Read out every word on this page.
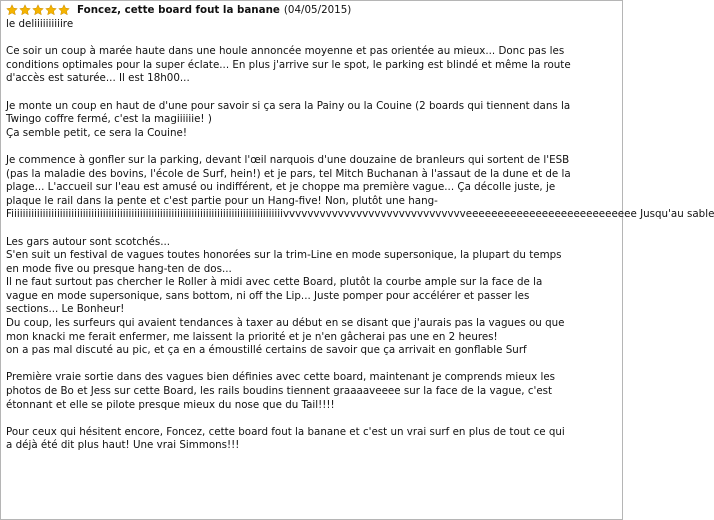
Foncez, cette board fout la banane (04/05/2015)
le deliiiiiiiiiire
Ce soir un coup à marée haute dans une houle annoncée moyenne et pas orientée au mieux... Donc pas les
conditions optimales pour la super éclate... En plus j'arrive sur le spot, le parking est blindé et même la route
d'accès est saturée... Il est 18h00...
Je monte un coup en haut de d'une pour savoir si ça sera la Painy ou la Couine (2 boards qui tiennent dans la
Twingo coffre fermé, c'est la magiiiiiie! )
Ça semble petit, ce sera la Couine!
Je commence à gonfler sur la parking, devant l'œil narquois d'une douzaine de branleurs qui sortent de l'ESB
(pas la maladie des bovins, l'école de Surf, hein!) et je pars, tel Mitch Buchanan à l'assaut de la dune et de la
plage... L'accueil sur l'eau est amusé ou indifférent, et je choppe ma première vague... Ça décolle juste, je
plaque le rail dans la pente et c'est partie pour un Hang-five! Non, plutôt une hang-
Fiiiiiiiiiiiiiiiiiiiiiiiiiiiiiiiiiiiiiiiiiiiiiiiiiiiiiiiiiiiiiiiiiiiiiiiiiiiiiiiiiiiiiiiiiiiiiiivvvvvvvvvvvvvvvvvvvvvvvvvvvvvveeeeeeeeeeeeeeeeeeeeeeeeeee Jusqu'au sable
Les gars autour sont scotchés...
S'en suit un festival de vagues toutes honorées sur la trim-Line en mode supersonique, la plupart du temps
en mode five ou presque hang-ten de dos...
Il ne faut surtout pas chercher le Roller à midi avec cette Board, plutôt la courbe ample sur la face de la
vague en mode supersonique, sans bottom, ni off the Lip... Juste pomper pour accélérer et passer les
sections... Le Bonheur!
Du coup, les surfeurs qui avaient tendances à taxer au début en se disant que j'aurais pas la vagues ou que
mon knacki me ferait enfermer, me laissent la priorité et je n'en gâcherai pas une en 2 heures!
on a pas mal discuté au pic, et ça en a émoustillé certains de savoir que ça arrivait en gonflable Surf
Première vraie sortie dans des vagues bien définies avec cette board, maintenant je comprends mieux les
photos de Bo et Jess sur cette Board, les rails boudins tiennent graaaaveeee sur la face de la vague, c'est
étonnant et elle se pilote presque mieux du nose que du Tail!!!!
Pour ceux qui hésitent encore, Foncez, cette board fout la banane et c'est un vrai surf en plus de tout ce qui
a déjà été dit plus haut! Une vrai Simmons!!!
